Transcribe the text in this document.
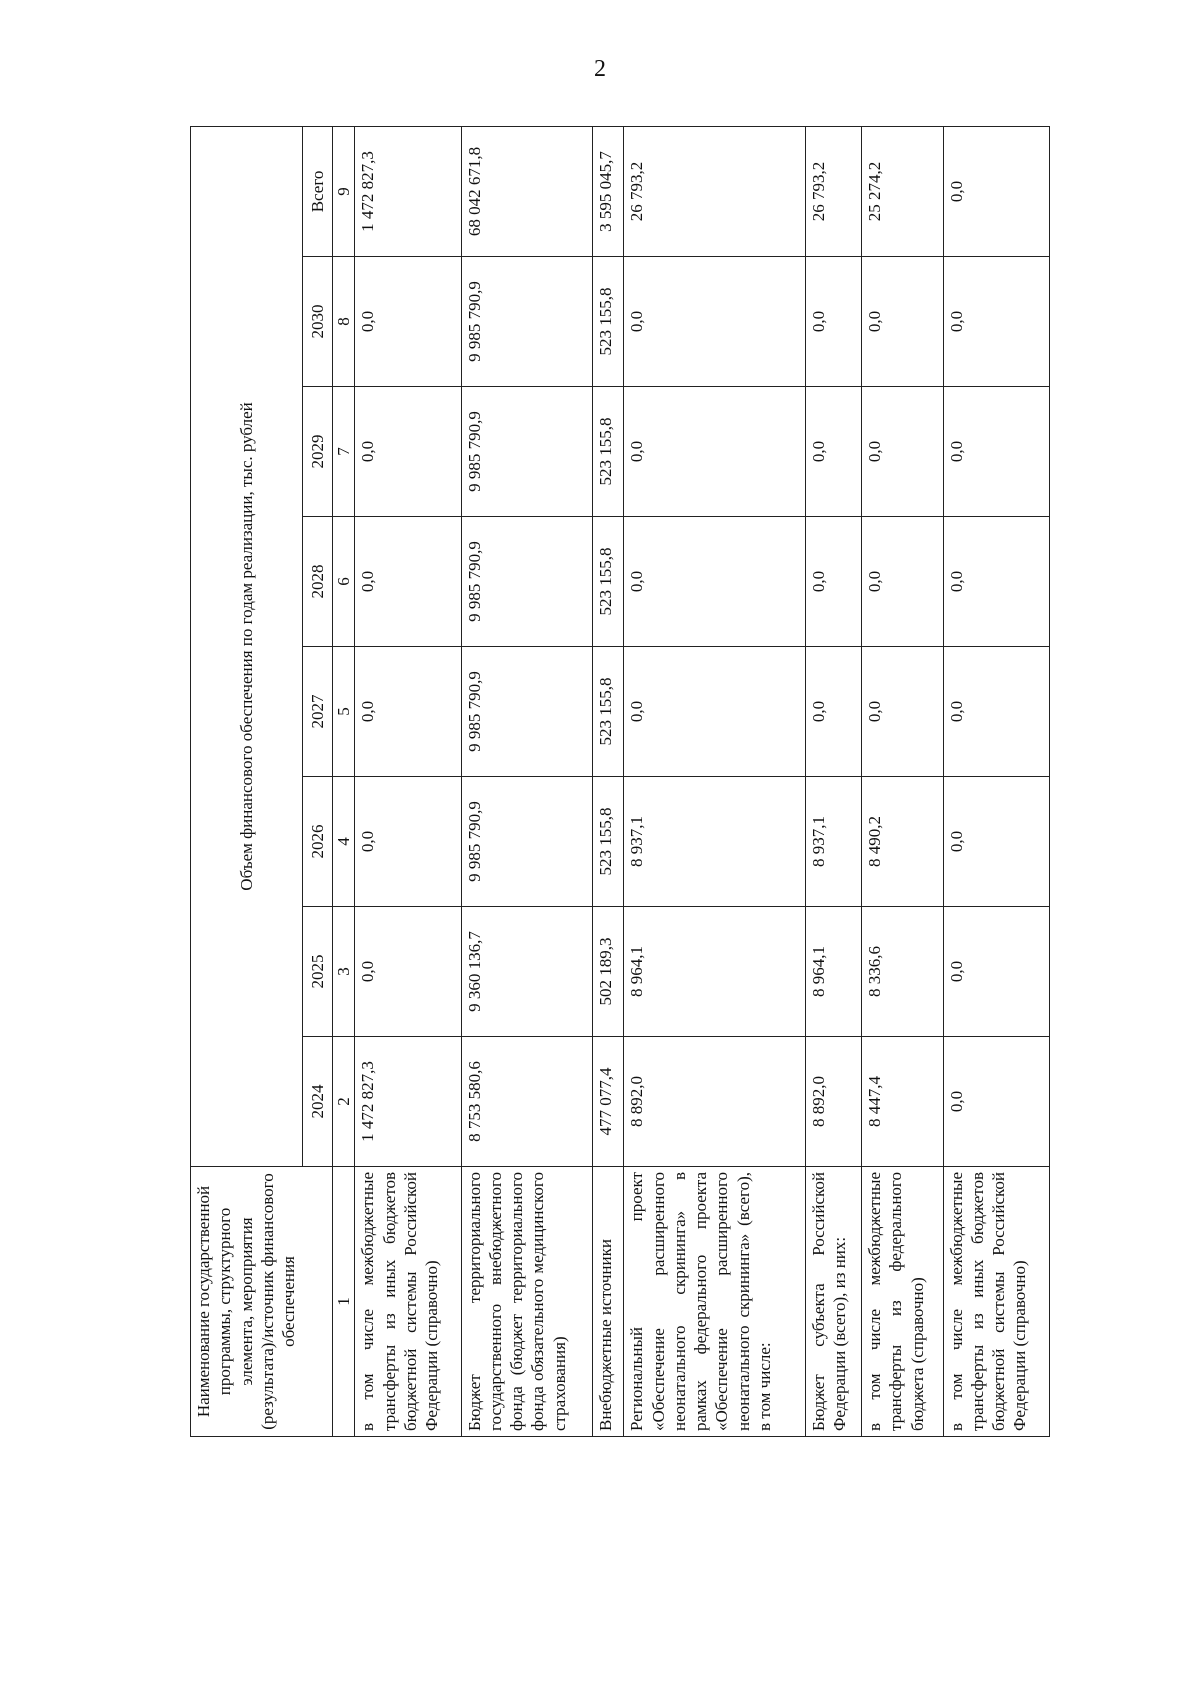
2
Наименование государственной программы, структурного элемента, мероприятия (результата)/источник финансового обеспечения	Объем финансового обеспечения по годам реализации, тыс. рублей							
	2024	2025	2026	2027	2028	2029	2030	Всего
1	2	3	4	5	6	7	8	9
в том числе межбюджетные трансферты из иных бюджетов бюджетной системы Российской Федерации (справочно)	1 472 827,3	0,0	0,0	0,0	0,0	0,0	0,0	1 472 827,3
Бюджет территориального государственного внебюджетного фонда (бюджет территориального фонда обязательного медицинского страхования)	8 753 580,6	9 360 136,7	9 985 790,9	9 985 790,9	9 985 790,9	9 985 790,9	9 985 790,9	68 042 671,8
Внебюджетные источники	477 077,4	502 189,3	523 155,8	523 155,8	523 155,8	523 155,8	523 155,8	3 595 045,7
Региональный проект «Обеспечение расширенного неонатального скрининга» в рамках федерального проекта «Обеспечение расширенного неонатального скрининга» (всего), в том числе:	8 892,0	8 964,1	8 937,1	0,0	0,0	0,0	0,0	26 793,2
Бюджет субъекта Российской Федерации (всего), из них:	8 892,0	8 964,1	8 937,1	0,0	0,0	0,0	0,0	26 793,2
в том числе межбюджетные трансферты из федерального бюджета (справочно)	8 447,4	8 336,6	8 490,2	0,0	0,0	0,0	0,0	25 274,2
в том числе межбюджетные трансферты из иных бюджетов бюджетной системы Российской Федерации (справочно)	0,0	0,0	0,0	0,0	0,0	0,0	0,0	0,0
